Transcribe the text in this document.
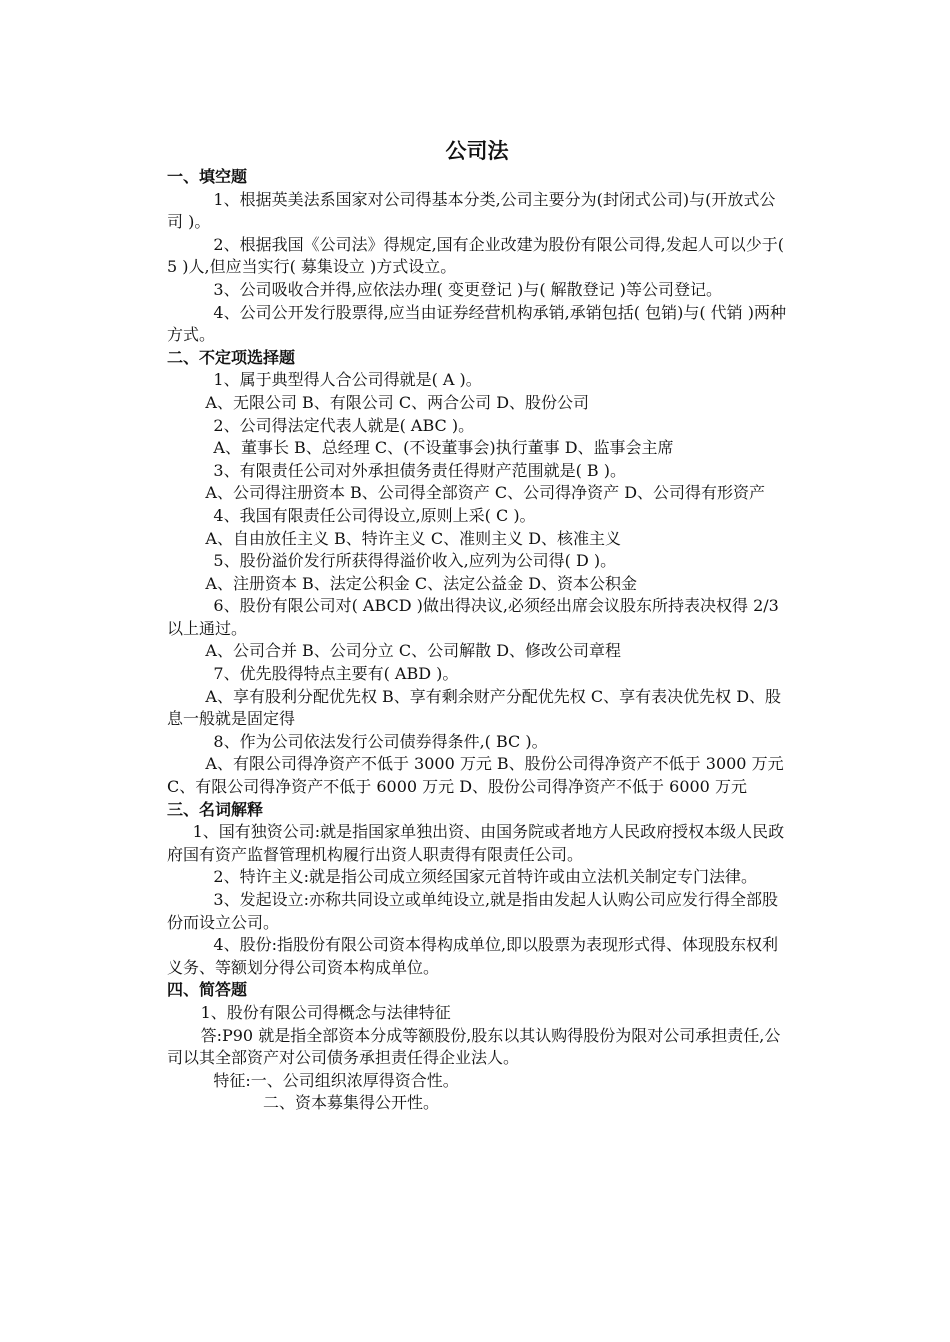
公司法

一、填空题

1、根据英美法系国家对公司得基本分类,公司主要分为(封闭式公司)与(开放式公司 )。

2、根据我国《公司法》得规定,国有企业改建为股份有限公司得,发起人可以少于( 5 )人,但应当实行( 募集设立 )方式设立。

3、公司吸收合并得,应依法办理( 变更登记 )与( 解散登记 )等公司登记。

4、公司公开发行股票得,应当由证券经营机构承销,承销包括( 包销)与( 代销 )两种方式。

二、不定项选择题

1、属于典型得人合公司得就是( A )。

A、无限公司 B、有限公司 C、两合公司 D、股份公司

2、公司得法定代表人就是( ABC )。

A、董事长 B、总经理 C、(不设董事会)执行董事 D、监事会主席

3、有限责任公司对外承担债务责任得财产范围就是( B )。

A、公司得注册资本 B、公司得全部资产 C、公司得净资产 D、公司得有形资产

4、我国有限责任公司得设立,原则上采( C )。

A、自由放任主义 B、特许主义 C、准则主义 D、核准主义

5、股份溢价发行所获得得溢价收入,应列为公司得( D )。

A、注册资本 B、法定公积金 C、法定公益金 D、资本公积金

6、股份有限公司对( ABCD )做出得决议,必须经出席会议股东所持表决权得 2/3 以上通过。

A、公司合并 B、公司分立 C、公司解散 D、修改公司章程

7、优先股得特点主要有( ABD )。

A、享有股利分配优先权 B、享有剩余财产分配优先权 C、享有表决优先权 D、股息一般就是固定得

8、作为公司依法发行公司债券得条件,( BC )。

A、有限公司得净资产不低于 3000 万元 B、股份公司得净资产不低于 3000 万元 C、有限公司得净资产不低于 6000 万元 D、股份公司得净资产不低于 6000 万元

三、名词解释

1、国有独资公司:就是指国家单独出资、由国务院或者地方人民政府授权本级人民政府国有资产监督管理机构履行出资人职责得有限责任公司。

2、特许主义:就是指公司成立须经国家元首特许或由立法机关制定专门法律。

3、发起设立:亦称共同设立或单纯设立,就是指由发起人认购公司应发行得全部股份而设立公司。

4、股份:指股份有限公司资本得构成单位,即以股票为表现形式得、体现股东权利义务、等额划分得公司资本构成单位。

四、简答题

1、股份有限公司得概念与法律特征

答:P90 就是指全部资本分成等额股份,股东以其认购得股份为限对公司承担责任,公司以其全部资产对公司债务承担责任得企业法人。

特征:一、公司组织浓厚得资合性。

二、资本募集得公开性。
